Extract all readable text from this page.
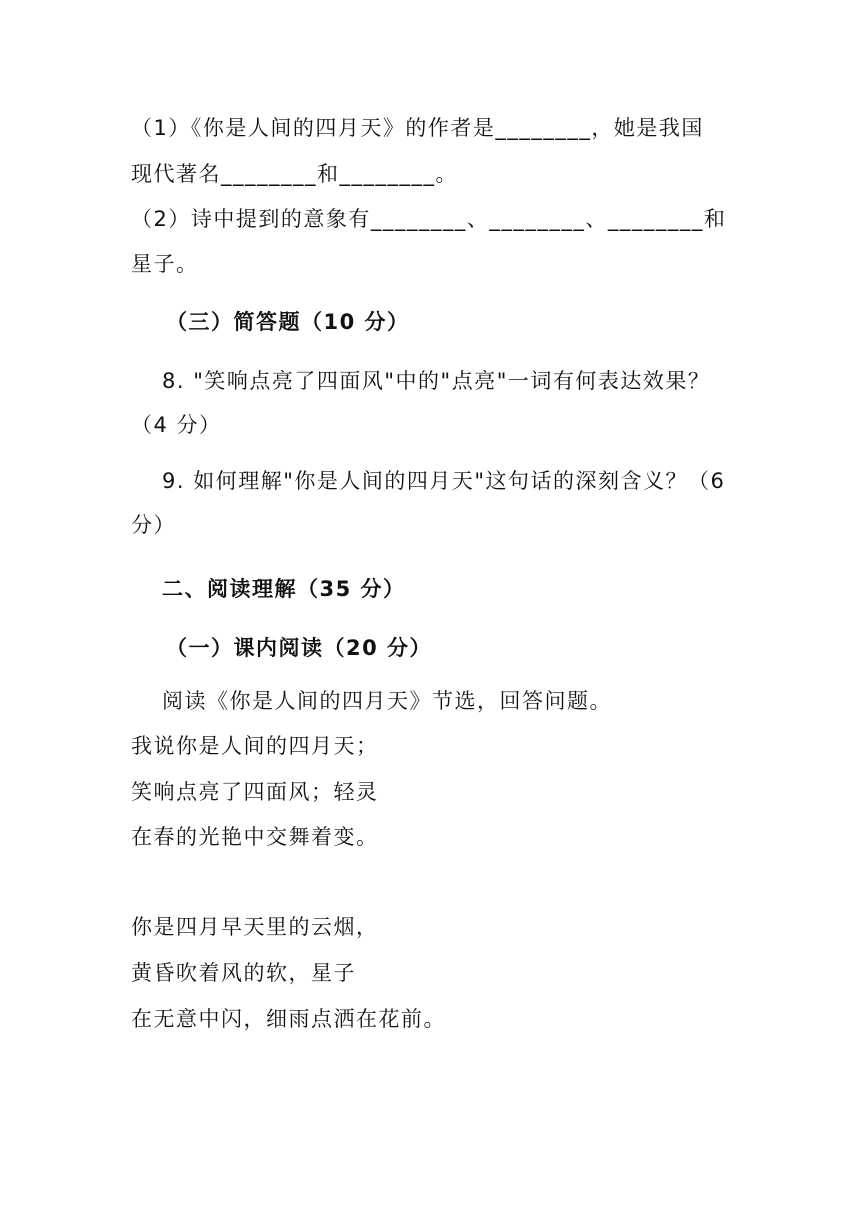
（1）《你是人间的四月天》的作者是________，她是我国
现代著名________和________。
（2）诗中提到的意象有________、________、________和
星子。
（三）简答题（10 分）
8. "笑响点亮了四面风"中的"点亮"一词有何表达效果？
（4 分）
9. 如何理解"你是人间的四月天"这句话的深刻含义？（6
分）
二、阅读理解（35 分）
（一）课内阅读（20 分）
阅读《你是人间的四月天》节选，回答问题。
我说你是人间的四月天；
笑响点亮了四面风；轻灵
在春的光艳中交舞着变。
你是四月早天里的云烟，
黄昏吹着风的软，星子
在无意中闪，细雨点洒在花前。
